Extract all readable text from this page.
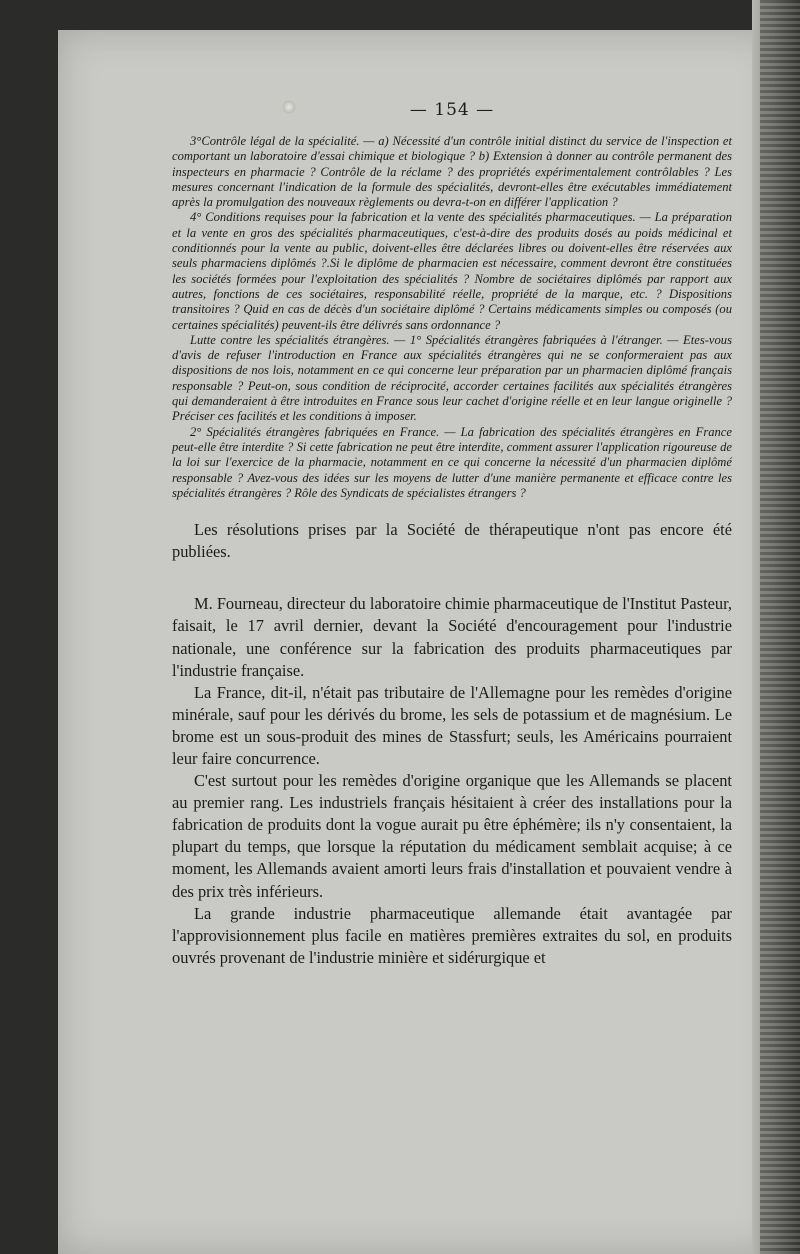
— 154 —

3°Contrôle légal de la spécialité. — a) Nécessité d'un contrôle initial distinct du service de l'inspection et comportant un laboratoire d'essai chimique et biologique ? b) Extension à donner au contrôle permanent des inspecteurs en pharmacie ? Contrôle de la réclame ? des propriétés expérimentalement contrôlables ? Les mesures concernant l'indication de la formule des spécialités, devront-elles être exécutables immédiatement après la promulgation des nouveaux règlements ou devra-t-on en différer l'application ?

4° Conditions requises pour la fabrication et la vente des spécialités pharmaceutiques. — La préparation et la vente en gros des spécialités pharmaceutiques, c'est-à-dire des produits dosés au poids médicinal et conditionnés pour la vente au public, doivent-elles être déclarées libres ou doivent-elles être réservées aux seuls pharmaciens diplômés ?.Si le diplôme de pharmacien est nécessaire, comment devront être constituées les sociétés formées pour l'exploitation des spécialités ? Nombre de sociétaires diplômés par rapport aux autres, fonctions de ces sociétaires, responsabilité réelle, propriété de la marque, etc. ? Dispositions transitoires ? Quid en cas de décès d'un sociétaire diplômé ? Certains médicaments simples ou composés (ou certaines spécialités) peuvent-ils être délivrés sans ordonnance ?

Lutte contre les spécialités étrangères. — 1° Spécialités étrangères fabriquées à l'étranger. — Etes-vous d'avis de refuser l'introduction en France aux spécialités étrangères qui ne se conformeraient pas aux dispositions de nos lois, notamment en ce qui concerne leur préparation par un pharmacien diplômé français responsable ? Peut-on, sous condition de réciprocité, accorder certaines facilités aux spécialités étrangères qui demanderaient à être introduites en France sous leur cachet d'origine réelle et en leur langue originelle ? Préciser ces facilités et les conditions à imposer.

2° Spécialités étrangères fabriquées en France. — La fabrication des spécialités étrangères en France peut-elle être interdite ? Si cette fabrication ne peut être interdite, comment assurer l'application rigoureuse de la loi sur l'exercice de la pharmacie, notamment en ce qui concerne la nécessité d'un pharmacien diplômé responsable ? Avez-vous des idées sur les moyens de lutter d'une manière permanente et efficace contre les spécialités étrangères ? Rôle des Syndicats de spécialistes étrangers ?

Les résolutions prises par la Société de thérapeutique n'ont pas encore été publiées.

M. Fourneau, directeur du laboratoire chimie pharmaceutique de l'Institut Pasteur, faisait, le 17 avril dernier, devant la Société d'encouragement pour l'industrie nationale, une conférence sur la fabrication des produits pharmaceutiques par l'industrie française.

La France, dit-il, n'était pas tributaire de l'Allemagne pour les remèdes d'origine minérale, sauf pour les dérivés du brome, les sels de potassium et de magnésium. Le brome est un sous-produit des mines de Stassfurt; seuls, les Américains pourraient leur faire concurrence.

C'est surtout pour les remèdes d'origine organique que les Allemands se placent au premier rang. Les industriels français hésitaient à créer des installations pour la fabrication de produits dont la vogue aurait pu être éphémère; ils n'y consentaient, la plupart du temps, que lorsque la réputation du médicament semblait acquise; à ce moment, les Allemands avaient amorti leurs frais d'installation et pouvaient vendre à des prix très inférieurs.

La grande industrie pharmaceutique allemande était avantagée par l'approvisionnement plus facile en matières premières extraites du sol, en produits ouvrés provenant de l'industrie minière et sidérurgique et
